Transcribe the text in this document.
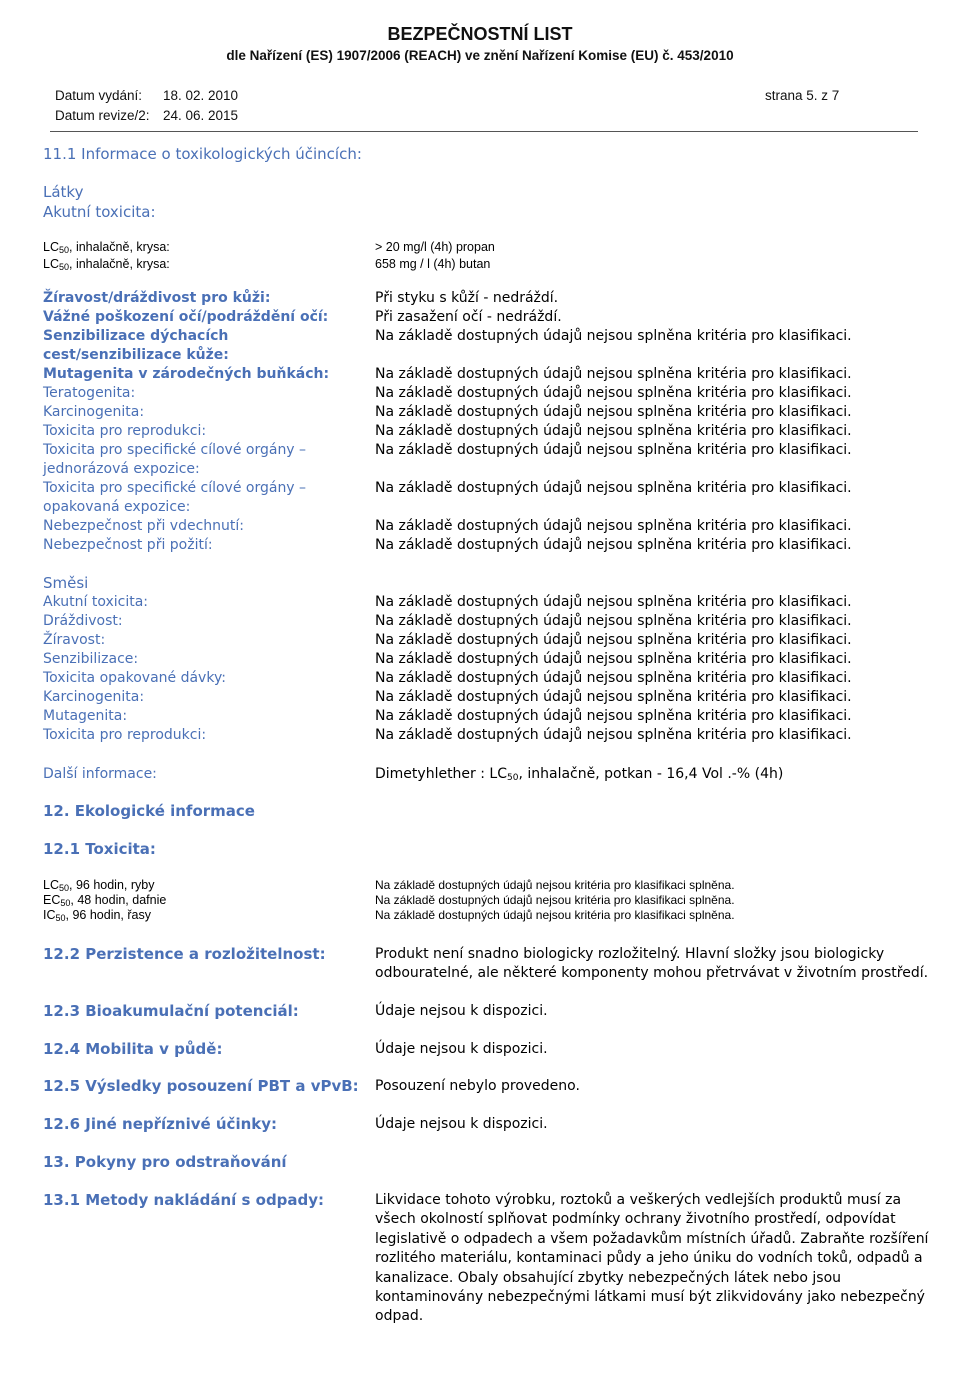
BEZPEČNOSTNÍ LIST
dle Nařízení (ES) 1907/2006 (REACH) ve znění Nařízení Komise (EU) č. 453/2010
Datum vydání: 18. 02. 2010
Datum revize/2: 24. 06. 2015
strana 5. z 7
11.1 Informace o toxikologických účincích:
Látky
Akutní toxicita:
$LC_{50}$, inhalačně, krysa:	> 20 mg/l (4h) propan
$LC_{50}$, inhalačně, krysa:	658 mg / l (4h) butan
Žíravost/dráždivost pro kůži:	Při styku s kůží - nedráždí.
Vážné poškození očí/podráždění očí:	Při zasažení očí - nedráždí.
Senzibilizace dýchacích	Na základě dostupných údajů nejsou splněna kritéria pro klasifikaci.
cest/senzibilizace kůže:
Mutagenita v zárodečných buňkách:	Na základě dostupných údajů nejsou splněna kritéria pro klasifikaci.
Teratogenita:	Na základě dostupných údajů nejsou splněna kritéria pro klasifikaci.
Karcinogenita:	Na základě dostupných údajů nejsou splněna kritéria pro klasifikaci.
Toxicita pro reprodukci:	Na základě dostupných údajů nejsou splněna kritéria pro klasifikaci.
Toxicita pro specifické cílové orgány –	Na základě dostupných údajů nejsou splněna kritéria pro klasifikaci.
jednorázová expozice:
Toxicita pro specifické cílové orgány –	Na základě dostupných údajů nejsou splněna kritéria pro klasifikaci.
opakovaná expozice:
Nebezpečnost při vdechnutí:	Na základě dostupných údajů nejsou splněna kritéria pro klasifikaci.
Nebezpečnost při požití:	Na základě dostupných údajů nejsou splněna kritéria pro klasifikaci.
Směsi
Akutní toxicita:	Na základě dostupných údajů nejsou splněna kritéria pro klasifikaci.
Dráždivost:	Na základě dostupných údajů nejsou splněna kritéria pro klasifikaci.
Žíravost:	Na základě dostupných údajů nejsou splněna kritéria pro klasifikaci.
Senzibilizace:	Na základě dostupných údajů nejsou splněna kritéria pro klasifikaci.
Toxicita opakované dávky:	Na základě dostupných údajů nejsou splněna kritéria pro klasifikaci.
Karcinogenita:	Na základě dostupných údajů nejsou splněna kritéria pro klasifikaci.
Mutagenita:	Na základě dostupných údajů nejsou splněna kritéria pro klasifikaci.
Toxicita pro reprodukci:	Na základě dostupných údajů nejsou splněna kritéria pro klasifikaci.
Další informace:	Dimetyhlether : $LC_{50}$, inhalačně, potkan - 16,4 Vol .-% (4h)
12. Ekologické informace
12.1 Toxicita:
$LC_{50}$, 96 hodin, ryby	Na základě dostupných údajů nejsou kritéria pro klasifikaci splněna.
$EC_{50}$, 48 hodin, dafnie	Na základě dostupných údajů nejsou kritéria pro klasifikaci splněna.
$IC_{50}$, 96 hodin, řasy	Na základě dostupných údajů nejsou kritéria pro klasifikaci splněna.
12.2 Perzistence a rozložitelnost:	Produkt není snadno biologicky rozložitelný. Hlavní složky jsou biologicky odbouratelné, ale některé komponenty mohou přetrvávat v životním prostředí.
12.3 Bioakumulační potenciál:	Údaje nejsou k dispozici.
12.4 Mobilita v půdě:	Údaje nejsou k dispozici.
12.5 Výsledky posouzení PBT a vPvB: Posouzení nebylo provedeno.
12.6 Jiné nepříznivé účinky:	Údaje nejsou k dispozici.
13. Pokyny pro odstraňování
13.1 Metody nakládání s odpady:	Likvidace tohoto výrobku, roztoků a veškerých vedlejších produktů musí za všech okolností splňovat podmínky ochrany životního prostředí, odpovídat legislativě o odpadech a všem požadavkům místních úřadů. Zabraňte rozšíření rozlitého materiálu, kontaminaci půdy a jeho úniku do vodních toků, odpadů a kanalizace. Obaly obsahující zbytky nebezpečných látek nebo jsou kontaminovány nebezpečnými látkami musí být zlikvidovány jako nebezpečný odpad.
